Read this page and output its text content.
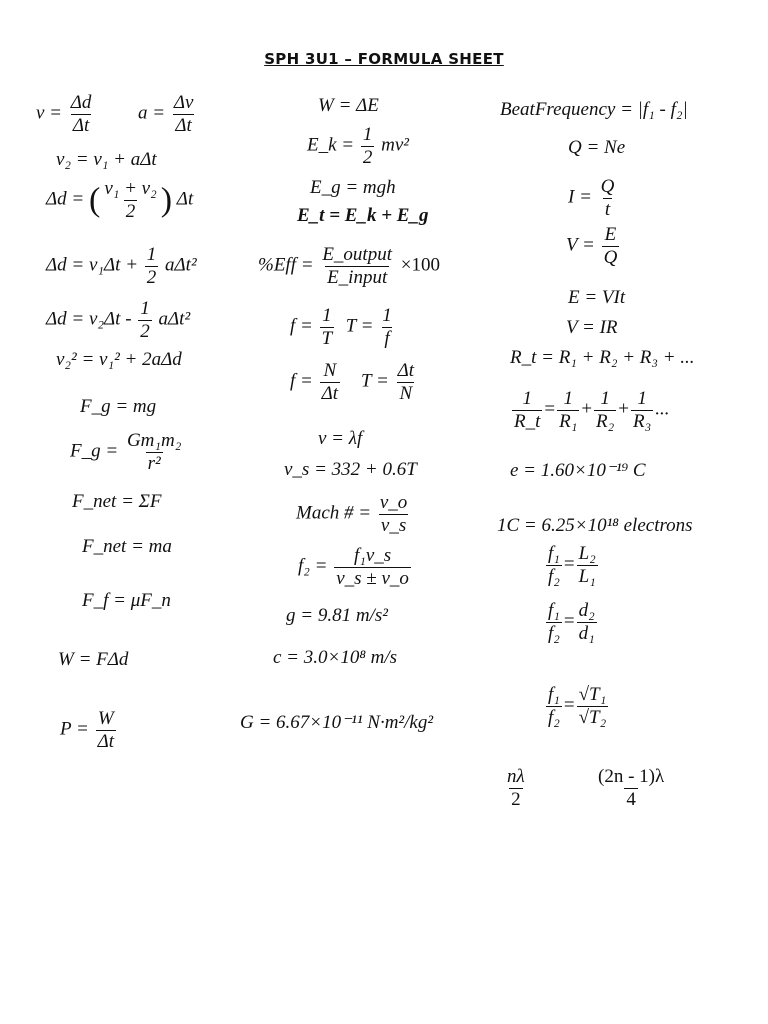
SPH 3U1 – FORMULA SHEET
$v = \frac{\Delta d}{\Delta t}$ $a = \frac{\Delta v}{\Delta t}$
v₂ = v₁ + aΔt
Δd = ( $\frac{\text{v₁ + v₂}}{2}$ ) Δt
$\Delta d = v_1\Delta t + \frac{1}{2} a\Delta t^2$
$\Delta d = v_2\Delta t - \frac{1}{2} a\Delta t^2$
v₂² = v₁² + 2aΔd
F_g = mg
F_g = $\frac{\text{Gm₁m₂}}{\text{r²}}$
F_net = ΣF
F_net = ma
F_f = μF_n
W = FΔd
$P = \frac{W}{\Delta t}$
W = ΔE
E_k = $\frac{1}{2} mv^2$
E_g = mgh
E_t = E_k + E_g
%Eff =
E_output
E_input
×100
$f = \frac{1}{T}$ $T = \frac{1}{f}$
$f = \frac{N}{\Delta t}$ $T = \frac{\Delta t}{N}$
v = λf
v_s = 332 + 0.6T
Mach # = $\frac{v\_o}{v\_s}$
$f_2 = \frac{\text{f₁v\_s}}{v\_s \pm v\_o}$
g = 9.81 m/s²
c = 3.0×10⁸ m/s
G = 6.67×10⁻¹¹ N·m²/kg²
BeatFrequency = |f₁ - f₂|
Q = Ne
$I = \frac{Q}{t}$
$V = \frac{E}{Q}$
E = VIt
V = IR
R_t = R₁ + R₂ + R₃ + ...
$\frac{1}{R\_t} = \frac{1}{\text{R₁}} + \frac{1}{\text{R₂}} + \frac{1}{\text{R₃}}$ ...
e = 1.60×10⁻¹⁹ C
1C = 6.25×10¹⁸ electrons
$\frac{\text{f₁}}{\text{f₂}} = \frac{\text{L₂}}{\text{L₁}}$
$\frac{\text{f₁}}{\text{f₂}} = \frac{\text{d₂}}{\text{d₁}}$
$\frac{\text{f₁}}{\text{f₂}} = \frac{\text{√T₁}}{\text{√T₂}}$
$\frac{n\lambda}{2}$	$\frac{(2n - 1)\lambda}{4}$
